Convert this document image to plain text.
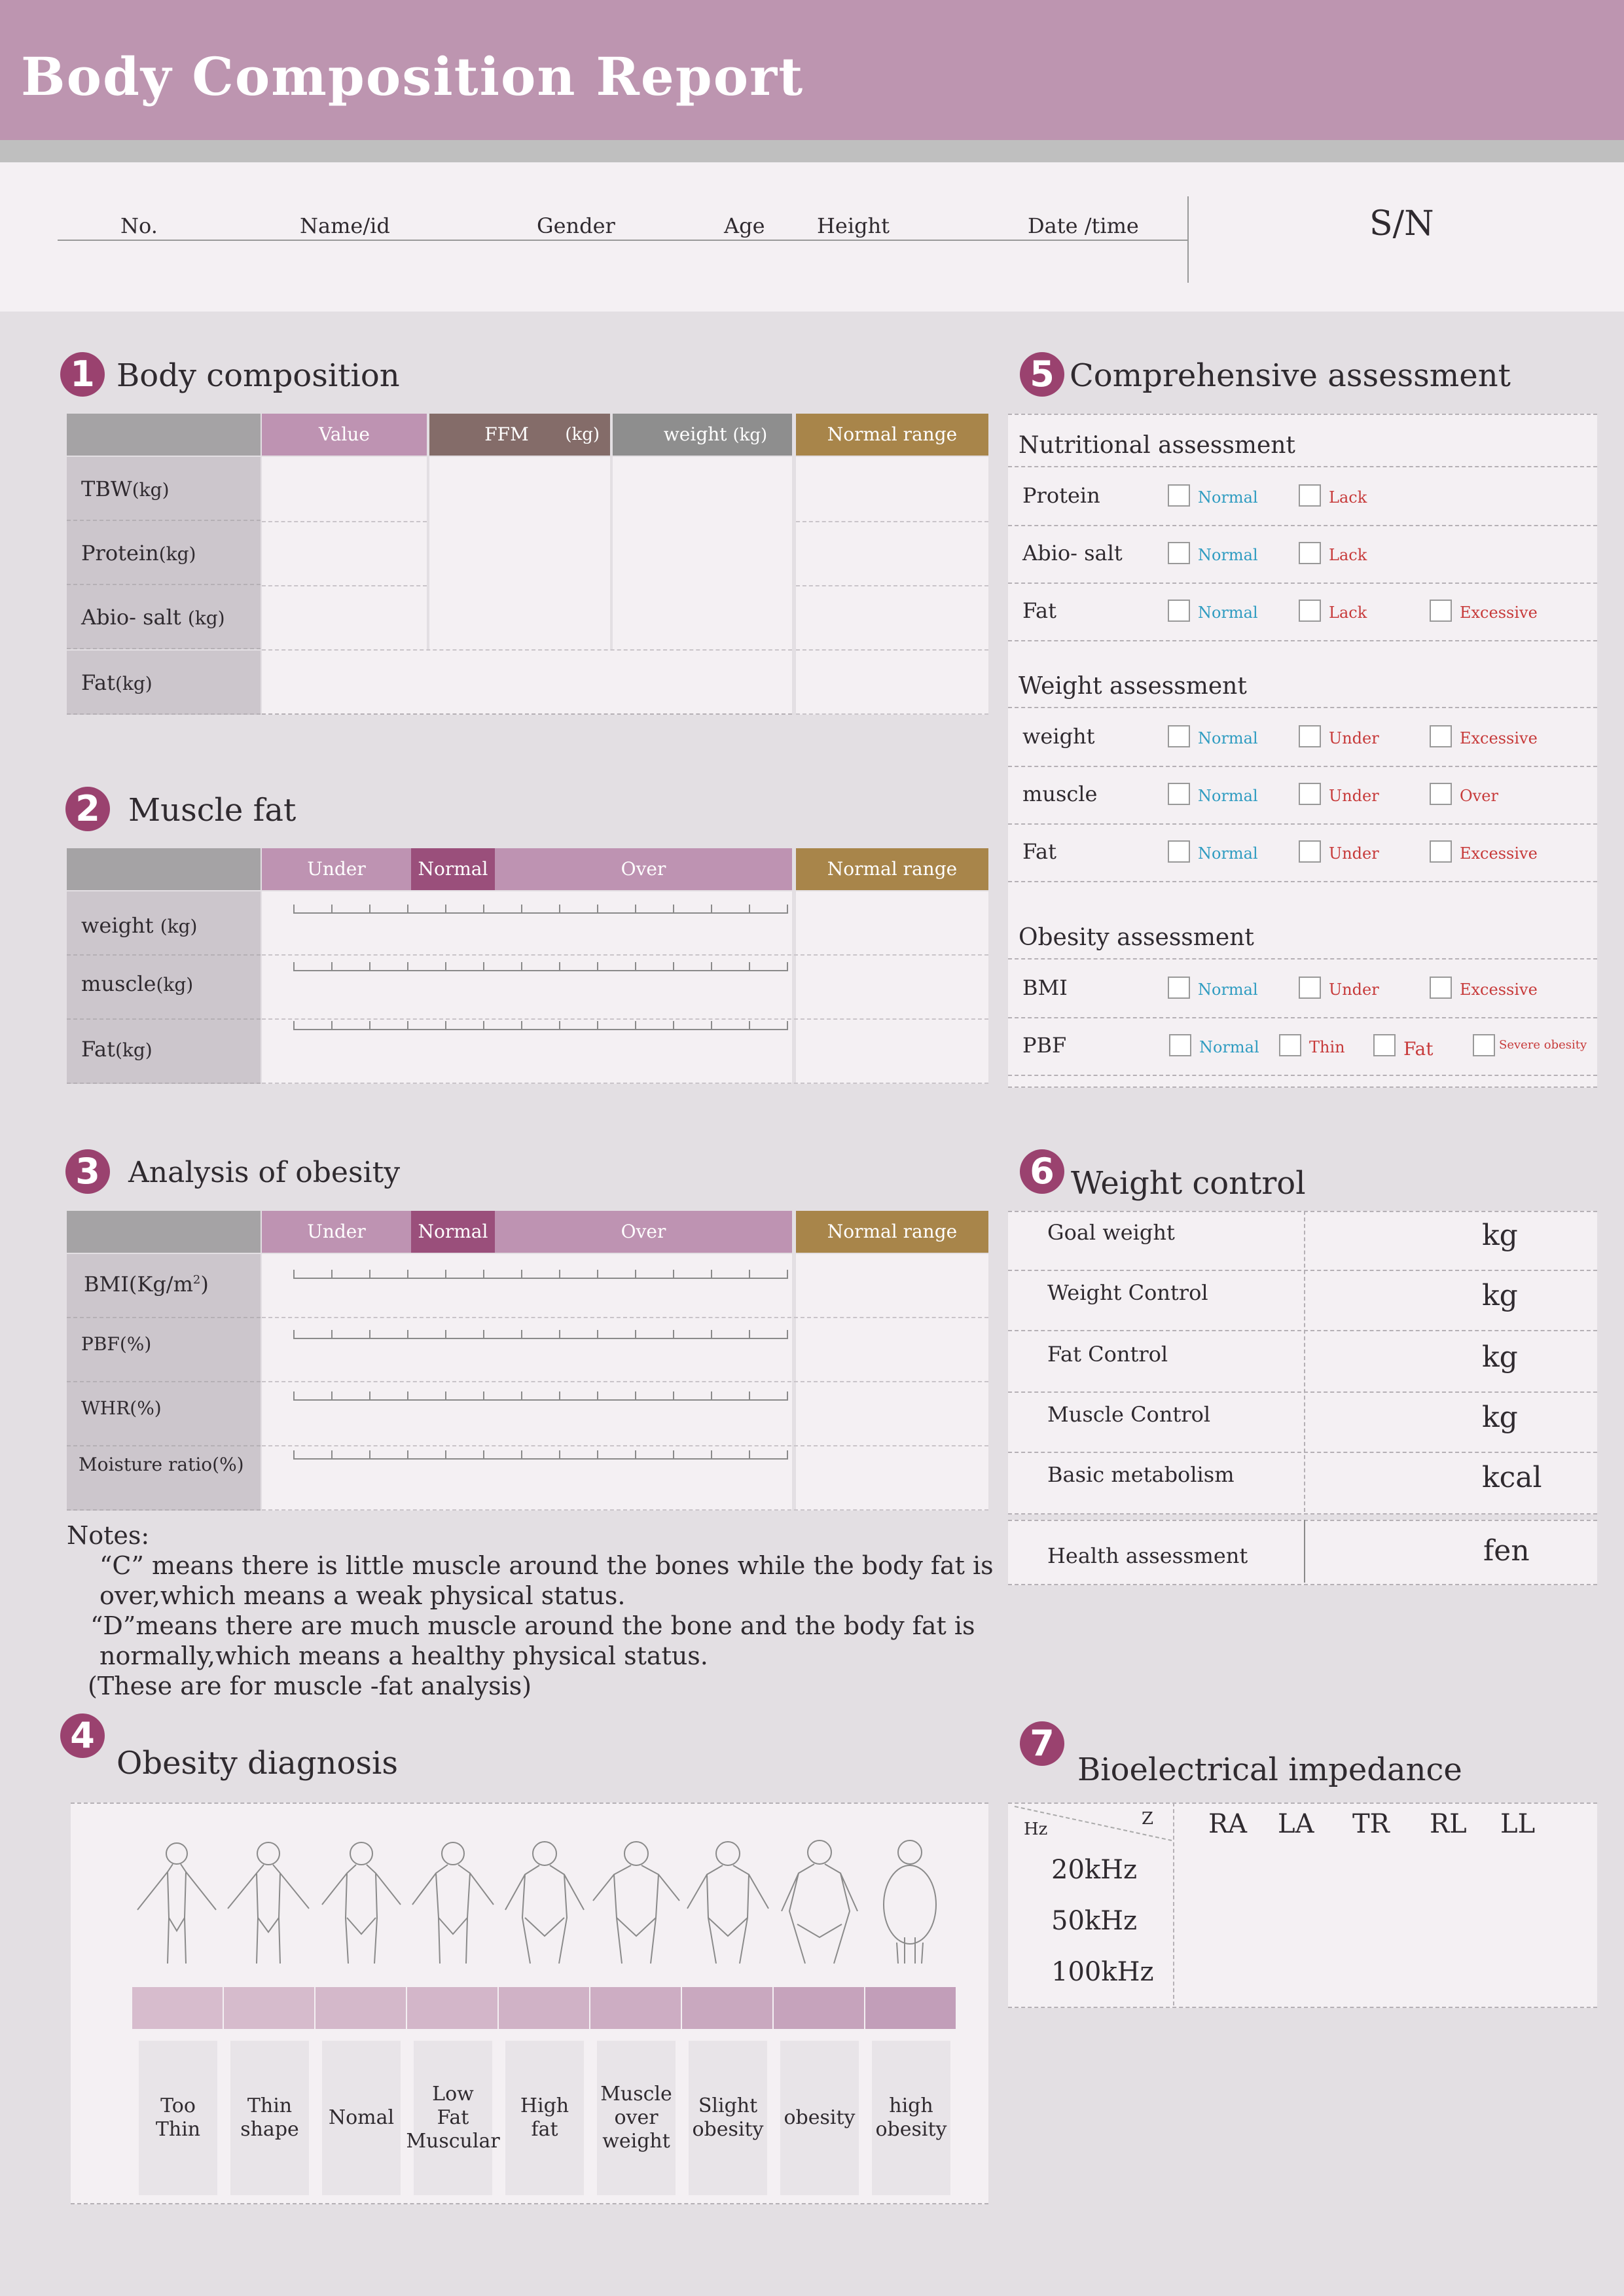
Body Composition Report
No.	Name/id	Gender	Age Height	Date /time	S/N
1 Body composition
Value	FFM (kg)	weight (kg)	Normal range
TBW(kg)
Protein(kg)
Abio- salt (kg)
Fat(kg)
2 Muscle fat
Under	Normal	Over	Normal range
weight (kg)
muscle(kg)
Fat(kg)
3 Analysis of obesity
Under	Normal	Over	Normal range
$BMI(Kg/m^2)$
PBF(%)
WHR(%)
Moisture ratio(%)
Notes:
“C” means there is little muscle around the bones while the body fat is
over,which means a weak physical status.
“D”means there are much muscle around the bone and the body fat is
normally,which means a healthy physical status.
(These are for muscle -fat analysis)
4
Obesity diagnosis
Too
Thin
Thin
shape
Nomal
Low
Fat
Muscular
High fat
Muscle
over
weight
Slight
obesity
obesity
high
obesity
5 Comprehensive assessment
Nutritional assessment
Protein	Normal	Lack
Abio- salt	Normal	Lack
Fat	Normal	Lack	Excessive
Weight assessment
weight	Normal	Under	Excessive
muscle	Normal	Under	Over
Fat	Normal	Under	Excessive
Obesity assessment
BMI	Normal	Under	Excessive
PBF	Normal	Thin	Fat	Severe obesity
6 Weight control
Goal weight	kg
Weight Control	kg
Fat Control	kg
Muscle Control	kg
Basic metabolism	kcal
Health assessment	fen
7
Bioelectrical impedance
Hz
Z RA LA TR RL LL
20kHz
50kHz
100kHz
